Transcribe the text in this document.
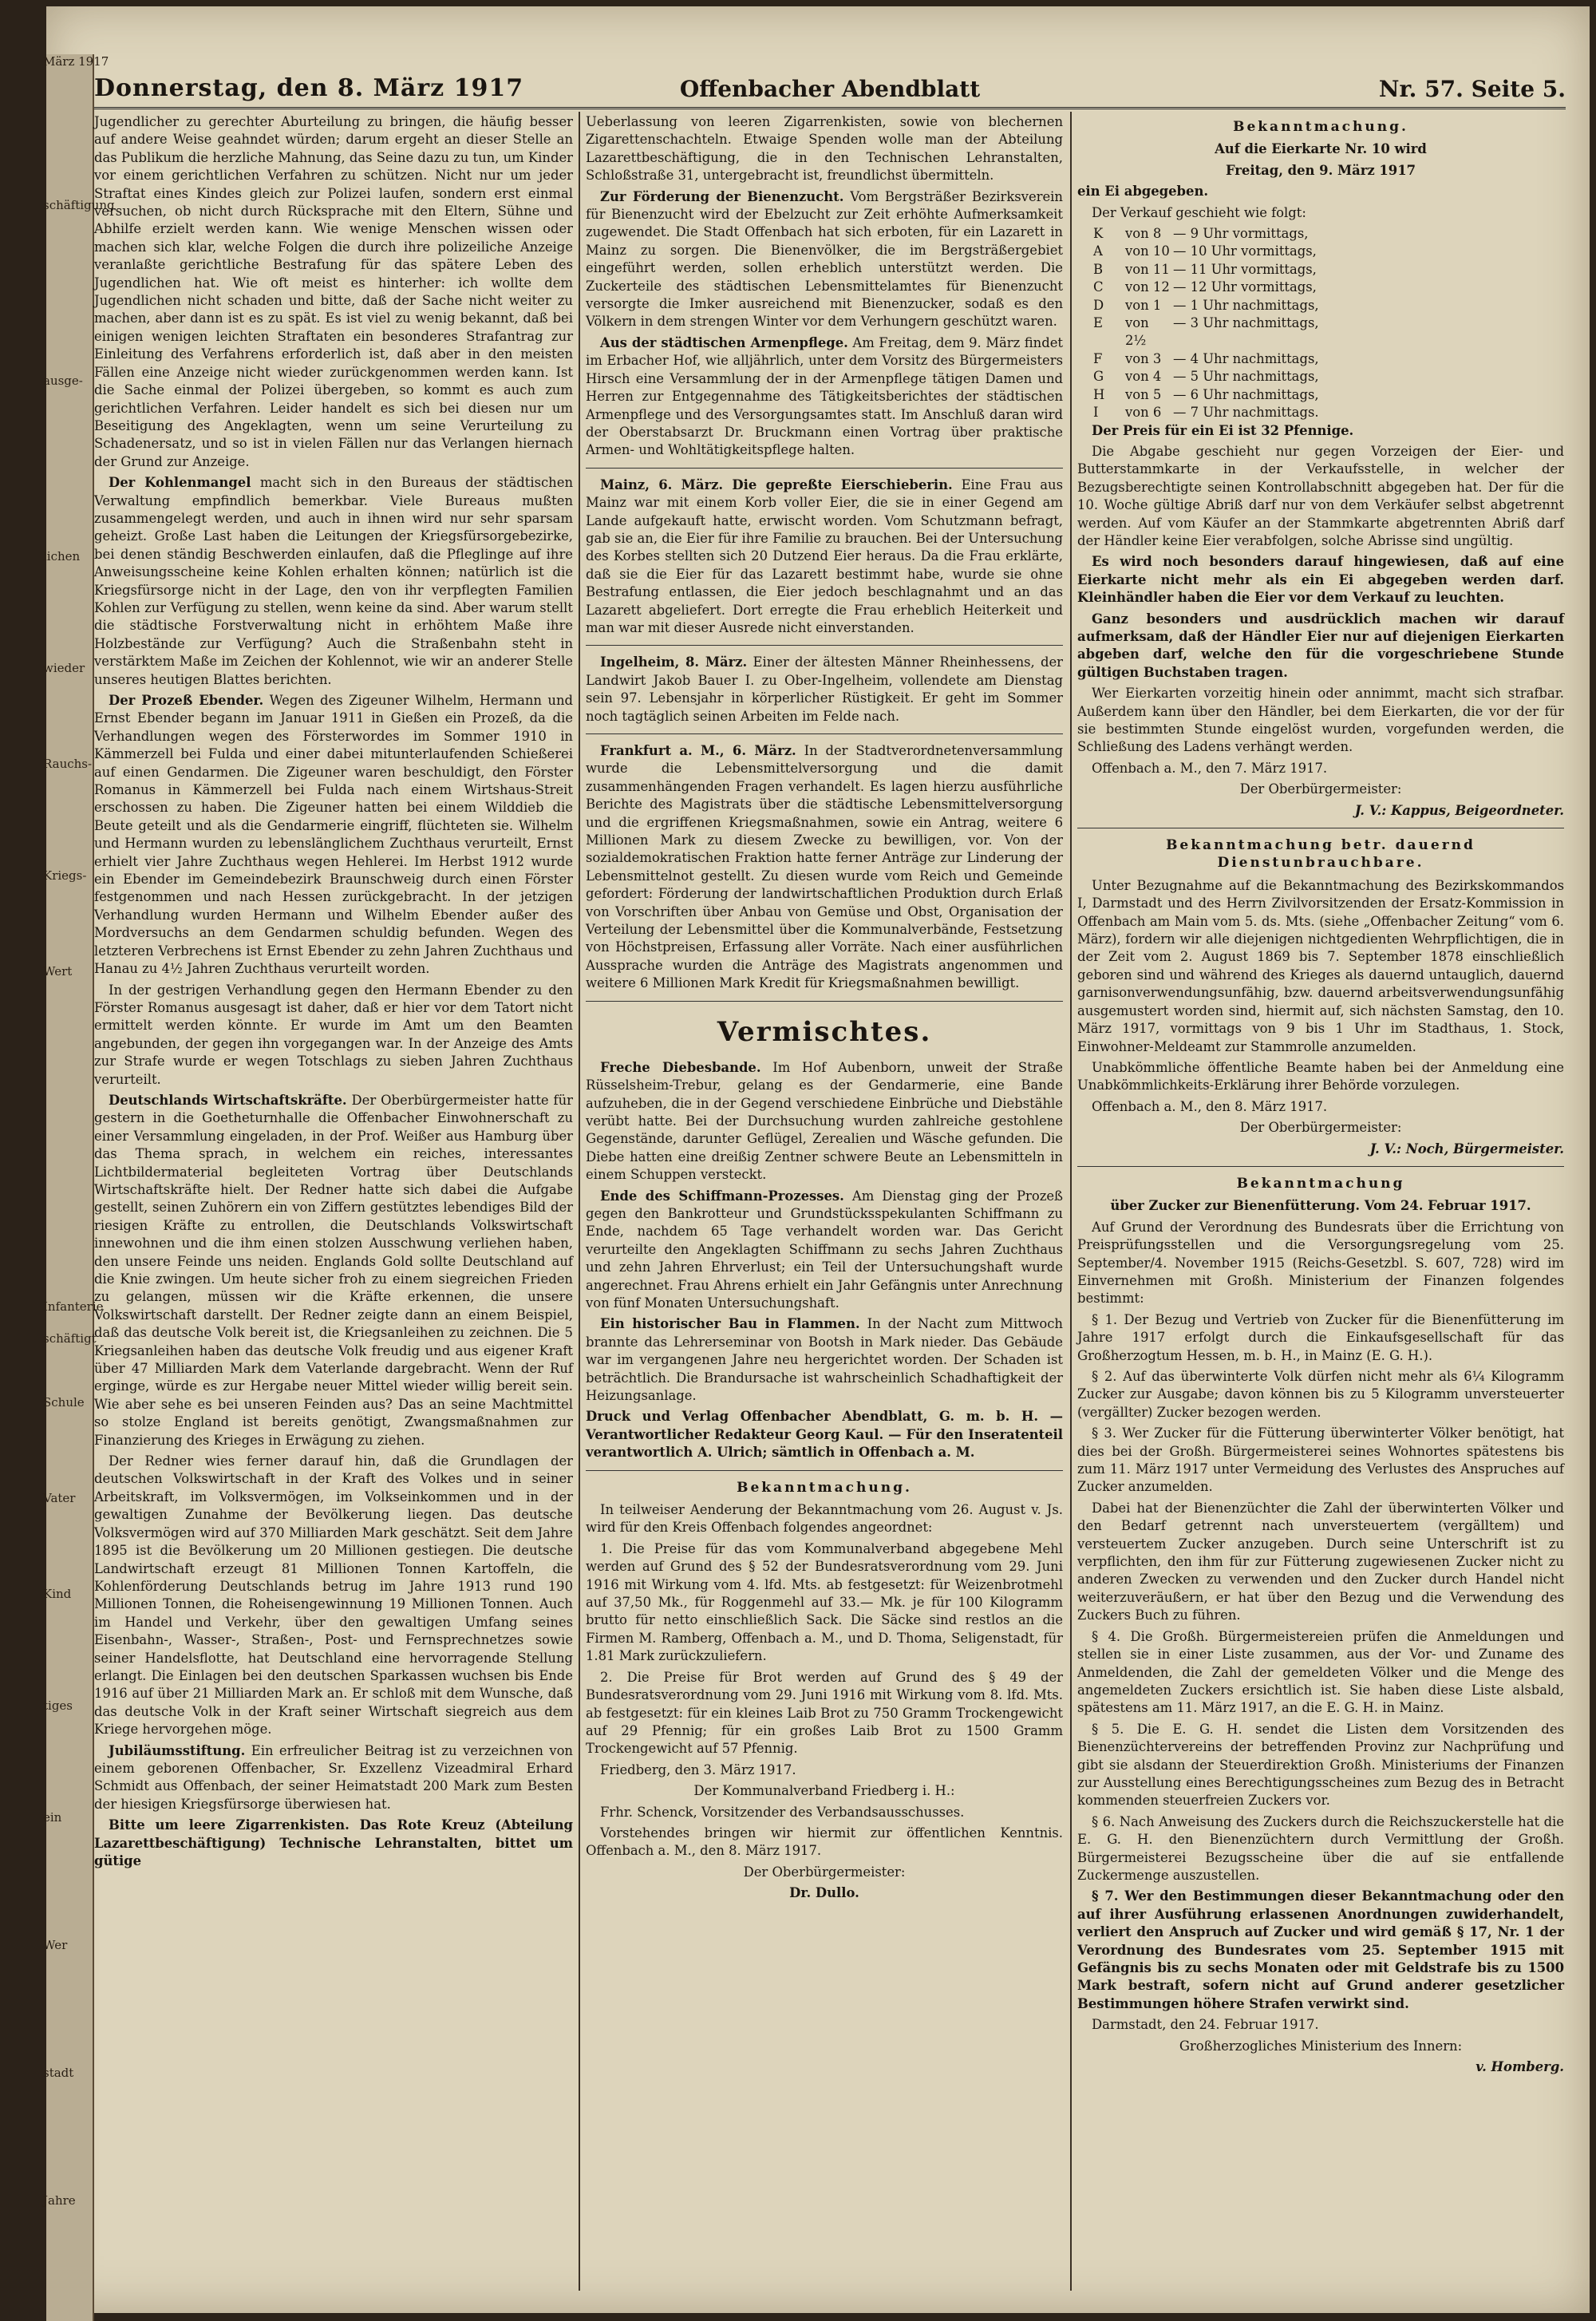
März 1917
schäftigung
ausge-
lichen
wieder
Rauchs-
Kriegs-
Wert
Infanterie
schäftigt
Schule
Vater
Kind
tiges
ein
Wer
stadt
Jahre
Donnerstag, den 8. März 1917	Offenbacher Abendblatt	Nr. 57. Seite 5.

Jugendlicher zu gerechter Aburteilung zu bringen, die häufig besser auf andere Weise geahndet würden; darum ergeht an dieser Stelle an das Publikum die herzliche Mahnung, das Seine dazu zu tun, um Kinder vor einem gerichtlichen Verfahren zu schützen. Nicht nur um jeder Straftat eines Kindes gleich zur Polizei laufen, sondern erst einmal versuchen, ob nicht durch Rücksprache mit den Eltern, Sühne und Abhilfe erzielt werden kann. Wie wenige Menschen wissen oder machen sich klar, welche Folgen die durch ihre polizeiliche Anzeige veranlaßte gerichtliche Bestrafung für das spätere Leben des Jugendlichen hat. Wie oft meist es hinterher: ich wollte dem Jugendlichen nicht schaden und bitte, daß der Sache nicht weiter zu machen, aber dann ist es zu spät. Es ist viel zu wenig bekannt, daß bei einigen wenigen leichten Straftaten ein besonderes Strafantrag zur Einleitung des Verfahrens erforderlich ist, daß aber in den meisten Fällen eine Anzeige nicht wieder zurückgenommen werden kann. Ist die Sache einmal der Polizei übergeben, so kommt es auch zum gerichtlichen Verfahren. Leider handelt es sich bei diesen nur um Beseitigung des Angeklagten, wenn um seine Verurteilung zu Schadenersatz, und so ist in vielen Fällen nur das Verlangen hiernach der Grund zur Anzeige.

Der Kohlenmangel macht sich in den Bureaus der städtischen Verwaltung empfindlich bemerkbar. Viele Bureaus mußten zusammengelegt werden, und auch in ihnen wird nur sehr sparsam geheizt. Große Last haben die Leitungen der Kriegsfürsorgebezirke, bei denen ständig Beschwerden einlaufen, daß die Pfleglinge auf ihre Anweisungsscheine keine Kohlen erhalten können; natürlich ist die Kriegsfürsorge nicht in der Lage, den von ihr verpflegten Familien Kohlen zur Verfügung zu stellen, wenn keine da sind. Aber warum stellt die städtische Forstverwaltung nicht in erhöhtem Maße ihre Holzbestände zur Verfügung? Auch die Straßenbahn steht in verstärktem Maße im Zeichen der Kohlennot, wie wir an anderer Stelle unseres heutigen Blattes berichten.

Der Prozeß Ebender. Wegen des Zigeuner Wilhelm, Hermann und Ernst Ebender begann im Januar 1911 in Gießen ein Prozeß, da die Verhandlungen wegen des Försterwordes im Sommer 1910 in Kämmerzell bei Fulda und einer dabei mitunterlaufenden Schießerei auf einen Gendarmen. Die Zigeuner waren beschuldigt, den Förster Romanus in Kämmerzell bei Fulda nach einem Wirtshaus-Streit erschossen zu haben. Die Zigeuner hatten bei einem Wilddieb die Beute geteilt und als die Gendarmerie eingriff, flüchteten sie. Wilhelm und Hermann wurden zu lebenslänglichem Zuchthaus verurteilt, Ernst erhielt vier Jahre Zuchthaus wegen Hehlerei. Im Herbst 1912 wurde ein Ebender im Gemeindebezirk Braunschweig durch einen Förster festgenommen und nach Hessen zurückgebracht. In der jetzigen Verhandlung wurden Hermann und Wilhelm Ebender außer des Mordversuchs an dem Gendarmen schuldig befunden. Wegen des letzteren Verbrechens ist Ernst Ebender zu zehn Jahren Zuchthaus und Hanau zu 4½ Jahren Zuchthaus verurteilt worden.

In der gestrigen Verhandlung gegen den Hermann Ebender zu den Förster Romanus ausgesagt ist daher, daß er hier vor dem Tatort nicht ermittelt werden könnte. Er wurde im Amt um den Beamten angebunden, der gegen ihn vorgegangen war. In der Anzeige des Amts zur Strafe wurde er wegen Totschlags zu sieben Jahren Zuchthaus verurteilt.

Deutschlands Wirtschaftskräfte. Der Oberbürgermeister hatte für gestern in die Goetheturnhalle die Offenbacher Einwohnerschaft zu einer Versammlung eingeladen, in der Prof. Weißer aus Hamburg über das Thema sprach, in welchem ein reiches, interessantes Lichtbildermaterial begleiteten Vortrag über Deutschlands Wirtschaftskräfte hielt. Der Redner hatte sich dabei die Aufgabe gestellt, seinen Zuhörern ein von Ziffern gestütztes lebendiges Bild der riesigen Kräfte zu entrollen, die Deutschlands Volkswirtschaft innewohnen und die ihm einen stolzen Ausschwung verliehen haben, den unsere Feinde uns neiden. Englands Gold sollte Deutschland auf die Knie zwingen. Um heute sicher froh zu einem siegreichen Frieden zu gelangen, müssen wir die Kräfte erkennen, die unsere Volkswirtschaft darstellt. Der Redner zeigte dann an einem Beispiel, daß das deutsche Volk bereit ist, die Kriegsanleihen zu zeichnen. Die 5 Kriegsanleihen haben das deutsche Volk freudig und aus eigener Kraft über 47 Milliarden Mark dem Vaterlande dargebracht. Wenn der Ruf erginge, würde es zur Hergabe neuer Mittel wieder willig bereit sein. Wie aber sehe es bei unseren Feinden aus? Das an seine Machtmittel so stolze England ist bereits genötigt, Zwangsmaßnahmen zur Finanzierung des Krieges in Erwägung zu ziehen.

Der Redner wies ferner darauf hin, daß die Grundlagen der deutschen Volkswirtschaft in der Kraft des Volkes und in seiner Arbeitskraft, im Volksvermögen, im Volkseinkommen und in der gewaltigen Zunahme der Bevölkerung liegen. Das deutsche Volksvermögen wird auf 370 Milliarden Mark geschätzt. Seit dem Jahre 1895 ist die Bevölkerung um 20 Millionen gestiegen. Die deutsche Landwirtschaft erzeugt 81 Millionen Tonnen Kartoffeln, die Kohlenförderung Deutschlands betrug im Jahre 1913 rund 190 Millionen Tonnen, die Roheisengewinnung 19 Millionen Tonnen. Auch im Handel und Verkehr, über den gewaltigen Umfang seines Eisenbahn-, Wasser-, Straßen-, Post- und Fernsprechnetzes sowie seiner Handelsflotte, hat Deutschland eine hervorragende Stellung erlangt. Die Einlagen bei den deutschen Sparkassen wuchsen bis Ende 1916 auf über 21 Milliarden Mark an. Er schloß mit dem Wunsche, daß das deutsche Volk in der Kraft seiner Wirtschaft siegreich aus dem Kriege hervorgehen möge.

Jubiläumsstiftung. Ein erfreulicher Beitrag ist zu verzeichnen von einem geborenen Offenbacher, Sr. Exzellenz Vizeadmiral Erhard Schmidt aus Offenbach, der seiner Heimatstadt 200 Mark zum Besten der hiesigen Kriegsfürsorge überwiesen hat.

Bitte um leere Zigarrenkisten. Das Rote Kreuz (Abteilung Lazarettbeschäftigung) Technische Lehranstalten, bittet um gütige

Ueberlassung von leeren Zigarrenkisten, sowie von blechernen Zigarettenschachteln. Etwaige Spenden wolle man der Abteilung Lazarettbeschäftigung, die in den Technischen Lehranstalten, Schloßstraße 31, untergebracht ist, freundlichst übermitteln.

Zur Förderung der Bienenzucht. Vom Bergsträßer Bezirksverein für Bienenzucht wird der Ebelzucht zur Zeit erhöhte Aufmerksamkeit zugewendet. Die Stadt Offenbach hat sich erboten, für ein Lazarett in Mainz zu sorgen. Die Bienenvölker, die im Bergsträßergebiet eingeführt werden, sollen erheblich unterstützt werden. Die Zuckerteile des städtischen Lebensmittelamtes für Bienenzucht versorgte die Imker ausreichend mit Bienenzucker, sodaß es den Völkern in dem strengen Winter vor dem Verhungern geschützt waren.

Aus der städtischen Armenpflege. Am Freitag, dem 9. März findet im Erbacher Hof, wie alljährlich, unter dem Vorsitz des Bürgermeisters Hirsch eine Versammlung der in der Armenpflege tätigen Damen und Herren zur Entgegennahme des Tätigkeitsberichtes der städtischen Armenpflege und des Versorgungsamtes statt. Im Anschluß daran wird der Oberstabsarzt Dr. Bruckmann einen Vortrag über praktische Armen- und Wohltätigkeitspflege halten.

Mainz, 6. März. Die gepreßte Eierschieberin. Eine Frau aus Mainz war mit einem Korb voller Eier, die sie in einer Gegend am Lande aufgekauft hatte, erwischt worden. Vom Schutzmann befragt, gab sie an, die Eier für ihre Familie zu brauchen. Bei der Untersuchung des Korbes stellten sich 20 Dutzend Eier heraus. Da die Frau erklärte, daß sie die Eier für das Lazarett bestimmt habe, wurde sie ohne Bestrafung entlassen, die Eier jedoch beschlagnahmt und an das Lazarett abgeliefert. Dort erregte die Frau erheblich Heiterkeit und man war mit dieser Ausrede nicht einverstanden.

Ingelheim, 8. März. Einer der ältesten Männer Rheinhessens, der Landwirt Jakob Bauer I. zu Ober-Ingelheim, vollendete am Dienstag sein 97. Lebensjahr in körperlicher Rüstigkeit. Er geht im Sommer noch tagtäglich seinen Arbeiten im Felde nach.

Frankfurt a. M., 6. März. In der Stadtverordnetenversammlung wurde die Lebensmittelversorgung und die damit zusammenhängenden Fragen verhandelt. Es lagen hierzu ausführliche Berichte des Magistrats über die städtische Lebensmittelversorgung und die ergriffenen Kriegsmaßnahmen, sowie ein Antrag, weitere 6 Millionen Mark zu diesem Zwecke zu bewilligen, vor. Von der sozialdemokratischen Fraktion hatte ferner Anträge zur Linderung der Lebensmittelnot gestellt. Zu diesen wurde vom Reich und Gemeinde gefordert: Förderung der landwirtschaftlichen Produktion durch Erlaß von Vorschriften über Anbau von Gemüse und Obst, Organisation der Verteilung der Lebensmittel über die Kommunalverbände, Festsetzung von Höchstpreisen, Erfassung aller Vorräte. Nach einer ausführlichen Aussprache wurden die Anträge des Magistrats angenommen und weitere 6 Millionen Mark Kredit für Kriegsmaßnahmen bewilligt.

Vermischtes.

Freche Diebesbande. Im Hof Aubenborn, unweit der Straße Rüsselsheim-Trebur, gelang es der Gendarmerie, eine Bande aufzuheben, die in der Gegend verschiedene Einbrüche und Diebstähle verübt hatte. Bei der Durchsuchung wurden zahlreiche gestohlene Gegenstände, darunter Geflügel, Zerealien und Wäsche gefunden. Die Diebe hatten eine dreißig Zentner schwere Beute an Lebensmitteln in einem Schuppen versteckt.

Ende des Schiffmann-Prozesses. Am Dienstag ging der Prozeß gegen den Bankrotteur und Grundstücksspekulanten Schiffmann zu Ende, nachdem 65 Tage verhandelt worden war. Das Gericht verurteilte den Angeklagten Schiffmann zu sechs Jahren Zuchthaus und zehn Jahren Ehrverlust; ein Teil der Untersuchungshaft wurde angerechnet. Frau Ahrens erhielt ein Jahr Gefängnis unter Anrechnung von fünf Monaten Untersuchungshaft.

Ein historischer Bau in Flammen. In der Nacht zum Mittwoch brannte das Lehrerseminar von Bootsh in Mark nieder. Das Gebäude war im vergangenen Jahre neu hergerichtet worden. Der Schaden ist beträchtlich. Die Brandursache ist wahrscheinlich Schadhaftigkeit der Heizungsanlage.

Druck und Verlag Offenbacher Abendblatt, G. m. b. H. — Verantwortlicher Redakteur Georg Kaul. — Für den Inseratenteil verantwortlich A. Ulrich; sämtlich in Offenbach a. M.

Bekanntmachung.

In teilweiser Aenderung der Bekanntmachung vom 26. August v. Js. wird für den Kreis Offenbach folgendes angeordnet:

1. Die Preise für das vom Kommunalverband abgegebene Mehl werden auf Grund des § 52 der Bundesratsverordnung vom 29. Juni 1916 mit Wirkung vom 4. lfd. Mts. ab festgesetzt: für Weizenbrotmehl auf 37,50 Mk., für Roggenmehl auf 33.— Mk. je für 100 Kilogramm brutto für netto einschließlich Sack. Die Säcke sind restlos an die Firmen M. Ramberg, Offenbach a. M., und D. Thoma, Seligenstadt, für 1.81 Mark zurückzuliefern.

2. Die Preise für Brot werden auf Grund des § 49 der Bundesratsverordnung vom 29. Juni 1916 mit Wirkung vom 8. lfd. Mts. ab festgesetzt: für ein kleines Laib Brot zu 750 Gramm Trockengewicht auf 29 Pfennig; für ein großes Laib Brot zu 1500 Gramm Trockengewicht auf 57 Pfennig.

Friedberg, den 3. März 1917.

Der Kommunalverband Friedberg i. H.:

Frhr. Schenck, Vorsitzender des Verbandsausschusses.

Vorstehendes bringen wir hiermit zur öffentlichen Kenntnis. Offenbach a. M., den 8. März 1917.

Der Oberbürgermeister:

Dr. Dullo.

Bekanntmachung.

Auf die Eierkarte Nr. 10 wird

Freitag, den 9. März 1917

ein Ei abgegeben.

Der Verkauf geschieht wie folgt:

K	von 8 — 9 Uhr vormittags,
A	von 10 — 10 Uhr vormittags,
B	von 11 — 11 Uhr vormittags,
C	von 12 — 12 Uhr vormittags,
D	von 1 — 1 Uhr nachmittags,
E	von 2½
— 3 Uhr nachmittags,
F	von 3 — 4 Uhr nachmittags,
G	von 4 — 5 Uhr nachmittags,
H	von 5 — 6 Uhr nachmittags,
I	von 6 — 7 Uhr nachmittags.

Der Preis für ein Ei ist 32 Pfennige.

Die Abgabe geschieht nur gegen Vorzeigen der Eier- und Butterstammkarte in der Verkaufsstelle, in welcher der Bezugsberechtigte seinen Kontrollabschnitt abgegeben hat. Der für die 10. Woche gültige Abriß darf nur von dem Verkäufer selbst abgetrennt werden. Auf vom Käufer an der Stammkarte abgetrennten Abriß darf der Händler keine Eier verabfolgen, solche Abrisse sind ungültig.

Es wird noch besonders darauf hingewiesen, daß auf eine Eierkarte nicht mehr als ein Ei abgegeben werden darf. Kleinhändler haben die Eier vor dem Verkauf zu leuchten.

Ganz besonders und ausdrücklich machen wir darauf aufmerksam, daß der Händler Eier nur auf diejenigen Eierkarten abgeben darf, welche den für die vorgeschriebene Stunde gültigen Buchstaben tragen.

Wer Eierkarten vorzeitig hinein oder annimmt, macht sich strafbar. Außerdem kann über den Händler, bei dem Eierkarten, die vor der für sie bestimmten Stunde eingelöst wurden, vorgefunden werden, die Schließung des Ladens verhängt werden.

Offenbach a. M., den 7. März 1917.

Der Oberbürgermeister:

J. V.: Kappus, Beigeordneter.

Bekanntmachung betr. dauernd Dienstunbrauchbare.

Unter Bezugnahme auf die Bekanntmachung des Bezirkskommandos I, Darmstadt und des Herrn Zivilvorsitzenden der Ersatz-Kommission in Offenbach am Main vom 5. ds. Mts. (siehe „Offenbacher Zeitung“ vom 6. März), fordern wir alle diejenigen nichtgedienten Wehrpflichtigen, die in der Zeit vom 2. August 1869 bis 7. September 1878 einschließlich geboren sind und während des Krieges als dauernd untauglich, dauernd garnisonverwendungsunfähig, bzw. dauernd arbeitsverwendungsunfähig ausgemustert worden sind, hiermit auf, sich nächsten Samstag, den 10. März 1917, vormittags von 9 bis 1 Uhr im Stadthaus, 1. Stock, Einwohner-Meldeamt zur Stammrolle anzumelden.

Unabkömmliche öffentliche Beamte haben bei der Anmeldung eine Unabkömmlichkeits-Erklärung ihrer Behörde vorzulegen.

Offenbach a. M., den 8. März 1917.

Der Oberbürgermeister:

J. V.: Noch, Bürgermeister.

Bekanntmachung

über Zucker zur Bienenfütterung. Vom 24. Februar 1917.

Auf Grund der Verordnung des Bundesrats über die Errichtung von Preisprüfungsstellen und die Versorgungsregelung vom 25. September/4. November 1915 (Reichs-Gesetzbl. S. 607, 728) wird im Einvernehmen mit Großh. Ministerium der Finanzen folgendes bestimmt:

§ 1. Der Bezug und Vertrieb von Zucker für die Bienenfütterung im Jahre 1917 erfolgt durch die Einkaufsgesellschaft für das Großherzogtum Hessen, m. b. H., in Mainz (E. G. H.).

§ 2. Auf das überwinterte Volk dürfen nicht mehr als 6¼ Kilogramm Zucker zur Ausgabe; davon können bis zu 5 Kilogramm unversteuerter (vergällter) Zucker bezogen werden.

§ 3. Wer Zucker für die Fütterung überwinterter Völker benötigt, hat dies bei der Großh. Bürgermeisterei seines Wohnortes spätestens bis zum 11. März 1917 unter Vermeidung des Verlustes des Anspruches auf Zucker anzumelden.

Dabei hat der Bienenzüchter die Zahl der überwinterten Völker und den Bedarf getrennt nach unversteuertem (vergälltem) und versteuertem Zucker anzugeben. Durch seine Unterschrift ist zu verpflichten, den ihm für zur Fütterung zugewiesenen Zucker nicht zu anderen Zwecken zu verwenden und den Zucker durch Handel nicht weiterzuveräußern, er hat über den Bezug und die Verwendung des Zuckers Buch zu führen.

§ 4. Die Großh. Bürgermeistereien prüfen die Anmeldungen und stellen sie in einer Liste zusammen, aus der Vor- und Zuname des Anmeldenden, die Zahl der gemeldeten Völker und die Menge des angemeldeten Zuckers ersichtlich ist. Sie haben diese Liste alsbald, spätestens am 11. März 1917, an die E. G. H. in Mainz.

§ 5. Die E. G. H. sendet die Listen dem Vorsitzenden des Bienenzüchtervereins der betreffenden Provinz zur Nachprüfung und gibt sie alsdann der Steuerdirektion Großh. Ministeriums der Finanzen zur Ausstellung eines Berechtigungsscheines zum Bezug des in Betracht kommenden steuerfreien Zuckers vor.

§ 6. Nach Anweisung des Zuckers durch die Reichszuckerstelle hat die E. G. H. den Bienenzüchtern durch Vermittlung der Großh. Bürgermeisterei Bezugsscheine über die auf sie entfallende Zuckermenge auszustellen.

§ 7. Wer den Bestimmungen dieser Bekanntmachung oder den auf ihrer Ausführung erlassenen Anordnungen zuwiderhandelt, verliert den Anspruch auf Zucker und wird gemäß § 17, Nr. 1 der Verordnung des Bundesrates vom 25. September 1915 mit Gefängnis bis zu sechs Monaten oder mit Geldstrafe bis zu 1500 Mark bestraft, sofern nicht auf Grund anderer gesetzlicher Bestimmungen höhere Strafen verwirkt sind.

Darmstadt, den 24. Februar 1917.

Großherzogliches Ministerium des Innern:

v. Homberg.
